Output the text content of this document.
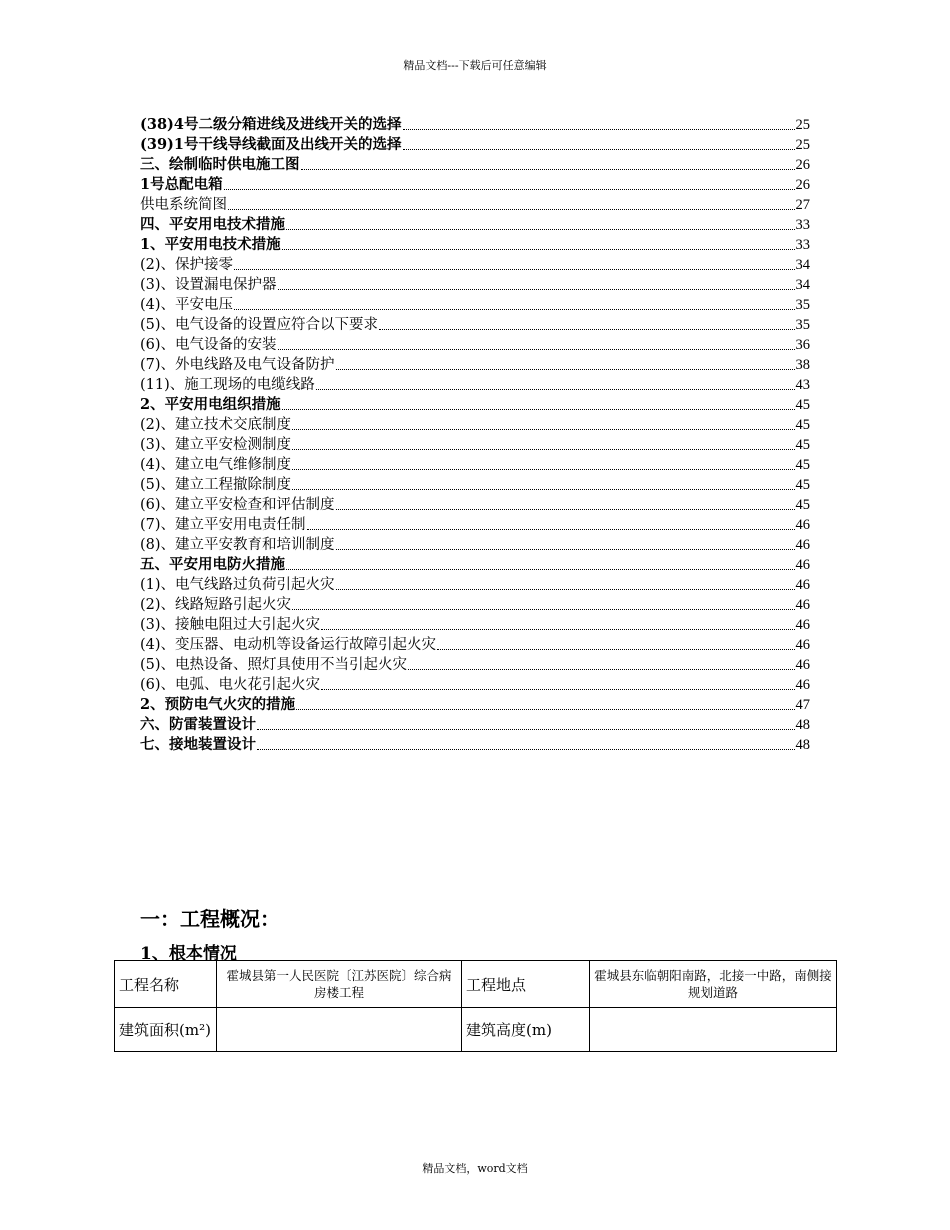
精品文档---下载后可任意编辑
(38)4号二级分箱进线及进线开关的选择	25
(39)1号干线导线截面及出线开关的选择	25
三、绘制临时供电施工图	26
1号总配电箱	26
供电系统简图	27
四、平安用电技术措施	33
1、平安用电技术措施	33
(2)、保护接零	34
(3)、设置漏电保护器	34
(4)、平安电压	35
(5)、电气设备的设置应符合以下要求	35
(6)、电气设备的安装	36
(7)、外电线路及电气设备防护	38
(11)、施工现场的电缆线路	43
2、平安用电组织措施	45
(2)、建立技术交底制度	45
(3)、建立平安检测制度	45
(4)、建立电气维修制度	45
(5)、建立工程撤除制度	45
(6)、建立平安检查和评估制度	45
(7)、建立平安用电责任制	46
(8)、建立平安教育和培训制度	46
五、平安用电防火措施	46
(1)、电气线路过负荷引起火灾	46
(2)、线路短路引起火灾	46
(3)、接触电阻过大引起火灾	46
(4)、变压器、电动机等设备运行故障引起火灾	46
(5)、电热设备、照灯具使用不当引起火灾	46
(6)、电弧、电火花引起火灾	46
2、预防电气火灾的措施	47
六、防雷装置设计	48
七、接地装置设计	48
一：工程概况：
1、根本情况
工程名称	霍城县第一人民医院〔江苏医院〕综合病房楼工程	工程地点	霍城县东临朝阳南路，北接一中路，南侧接规划道路
建筑面积(m²)		建筑高度(m)	
精品文档，word文档
